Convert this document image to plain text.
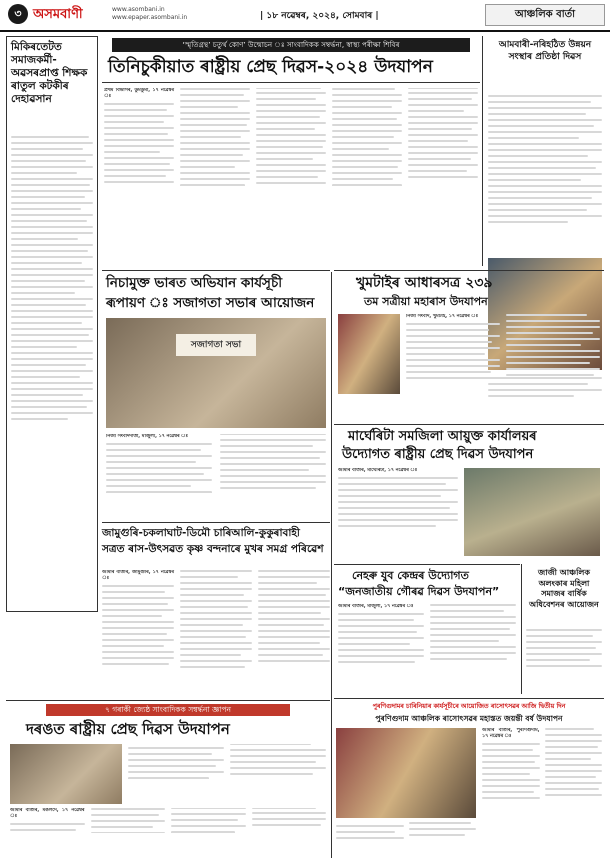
৩ অসমবাণী	www.asombani.in
www.epaper.asombani.in	| ১৮ নৱেম্বৰ, ২০২৪, সোমবাৰ |	আঞ্চলিক বাৰ্তা
মিকিৰতেটত সমাজকৰ্মী-অৱসৰপ্ৰাপ্ত শিক্ষক ৰাতুল কটকীৰ দেহাৱসান
‘স্মৃতিগ্ৰন্থ’ চতুৰ্থ কোণ’ উন্মোচন ঃ সাংবাদিকক সম্বৰ্দ্ধনা, স্বাস্থ্য পৰীক্ষা শিবিৰ
তিনিচুকীয়াত ৰাষ্ট্ৰীয় প্ৰেছ দিৱস-২০২৪ উদযাপন
প্ৰথম বিভাগৰ, ডুমডুমা, ১৭ নৱেম্বৰ ঃ
আমবাৰী-নৰিহঠিত উন্নয়ন সংস্থাৰ প্ৰতিষ্ঠা দিৱস
নিচামুক্ত ভাৰত অভিযান কাৰ্যসূচী
ৰূপায়ণ ঃ সজাগতা সভাৰ আয়োজন
সজাগতা সভা
নিজা সংবাদদাতা, মাজুলী, ১৭ নৱেম্বৰ ঃ
খুমটাইৰ আধাৰসত্ৰ ২৩৯
তম সত্ৰীয়া মহাৰাস উদযাপন
নিজা সংবাদ, খুমটাই, ১৭ নৱেম্বৰ ঃ
মাৰ্ঘেৰিটা সমজিলা আয়ুক্ত কাৰ্যালয়ৰ
উদ্যোগত ৰাষ্ট্ৰীয় প্ৰেছ দিৱস উদযাপন
আমাৰ বাতৰি, মাৰ্ঘেৰিটা, ১৭ নৱেম্বৰ ঃ
জামুগুৰি-চকলাঘাট-ডিমৌ চাৰিআলি-কুকুৰাবাহী
সত্ৰত ৰাস-উৎসৱত কৃষ্ণ বন্দনাৰে মুখৰ সমগ্ৰ পৰিৱেশ
আমাৰ বাতৰি, জামুগুৰি, ১৭ নৱেম্বৰ ঃ	নেহৰু যুব কেন্দ্ৰৰ উদ্যোগত
“জনজাতীয় গৌৰৱ দিৱস উদযাপন”
আমাৰ বাতৰি, মাজুলী, ১৭ নৱেম্বৰ ঃ
জাজী আঞ্চলিক অলংকাৰ মহিলা সমাজৰ বাৰ্ষিক অধিবেশনৰ আয়োজন
৭ গৰাকী জ্যেষ্ঠ সাংবাদিকক সম্বৰ্দ্ধনা জ্ঞাপন
দৰঙত ৰাষ্ট্ৰীয় প্ৰেছ দিৱস উদযাপন
আমাৰ বাতৰি, মঙলদৈ, ১৭ নৱেম্বৰ ঃ
পুৰণিগুদামৰ চাৰিনিয়াৰ কাৰ্যসূচীৰে আয়োজিত ৰাসোৎসৱৰ আজি দ্বিতীয় দিন
পুৰণিগুদাম আঞ্চলিক ৰাসোৎসৱৰ মহাস্তত জয়ন্তী বৰ্ষ উদযাপন
আমাৰ বাতৰি, পুৰণিগুদাম, ১৭ নৱেম্বৰ ঃ
